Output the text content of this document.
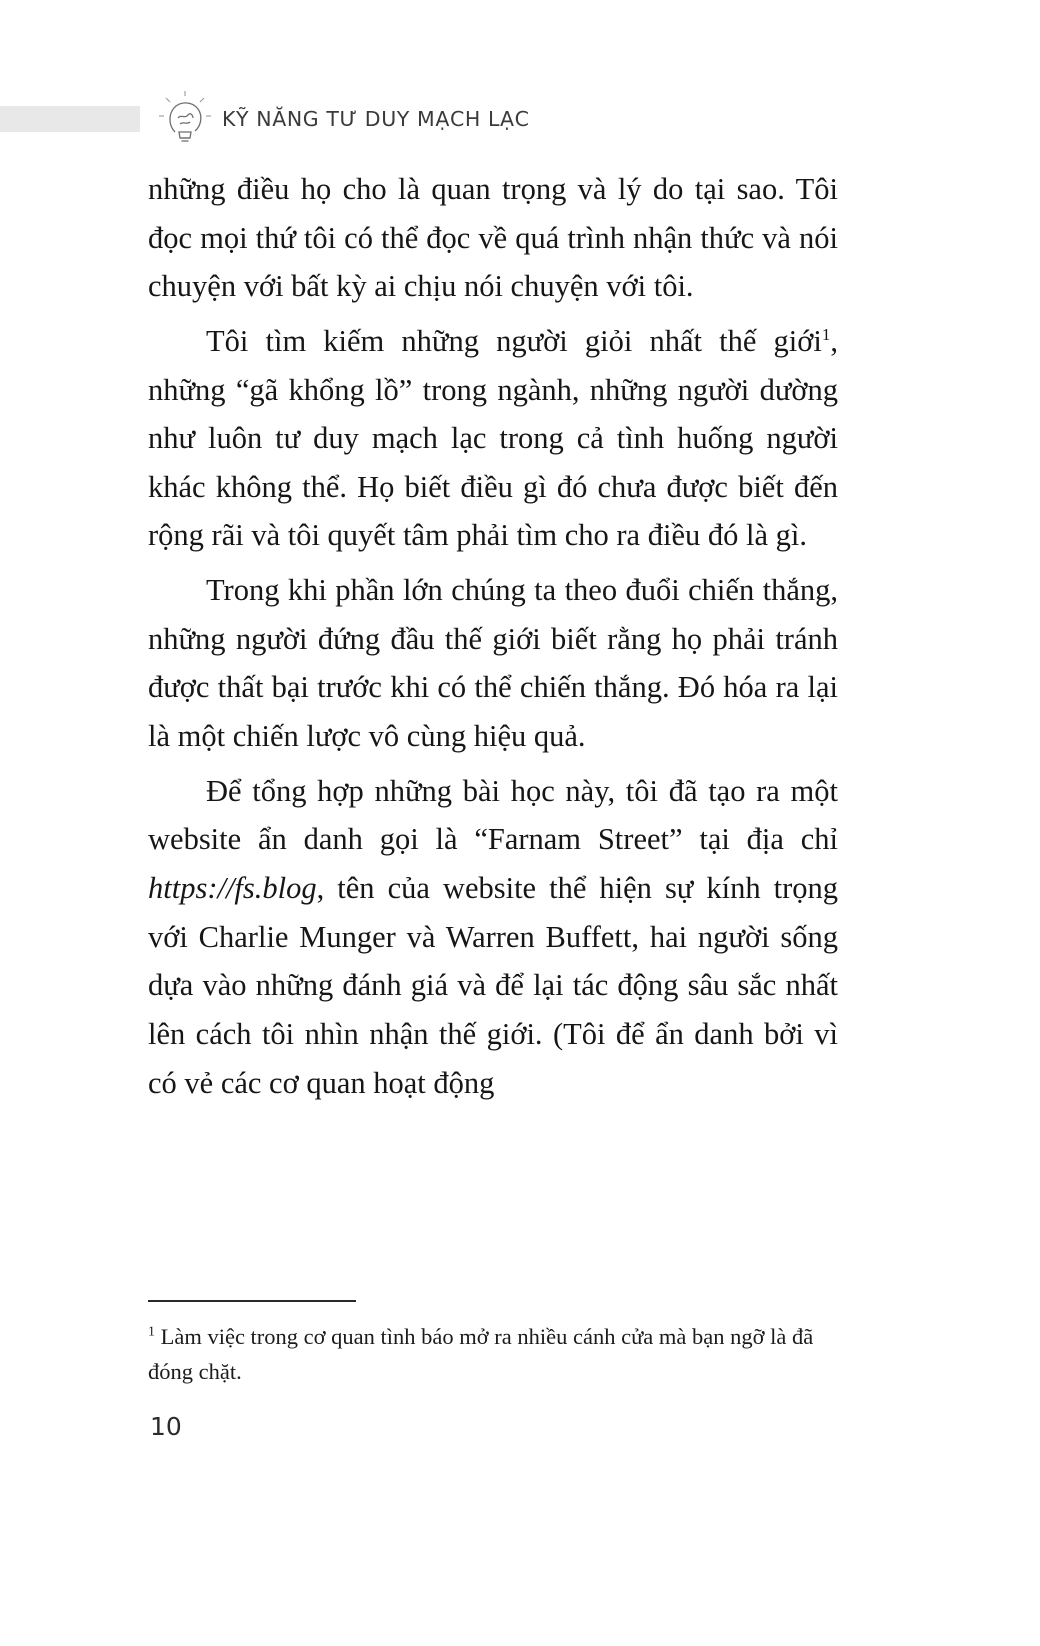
KỸ NĂNG TƯ DUY MẠCH LẠC

những điều họ cho là quan trọng và lý do tại sao. Tôi đọc mọi thứ tôi có thể đọc về quá trình nhận thức và nói chuyện với bất kỳ ai chịu nói chuyện với tôi.

Tôi tìm kiếm những người giỏi nhất thế giới$^1$, những “gã khổng lồ” trong ngành, những người dường như luôn tư duy mạch lạc trong cả tình huống người khác không thể. Họ biết điều gì đó chưa được biết đến rộng rãi và tôi quyết tâm phải tìm cho ra điều đó là gì.

Trong khi phần lớn chúng ta theo đuổi chiến thắng, những người đứng đầu thế giới biết rằng họ phải tránh được thất bại trước khi có thể chiến thắng. Đó hóa ra lại là một chiến lược vô cùng hiệu quả.

Để tổng hợp những bài học này, tôi đã tạo ra một website ẩn danh gọi là “Farnam Street” tại địa chỉ https://fs.blog, tên của website thể hiện sự kính trọng với Charlie Munger và Warren Buffett, hai người sống dựa vào những đánh giá và để lại tác động sâu sắc nhất lên cách tôi nhìn nhận thế giới. (Tôi để ẩn danh bởi vì có vẻ các cơ quan hoạt động

$^1$ Làm việc trong cơ quan tình báo mở ra nhiều cánh cửa mà bạn ngỡ là đã đóng chặt.

10
